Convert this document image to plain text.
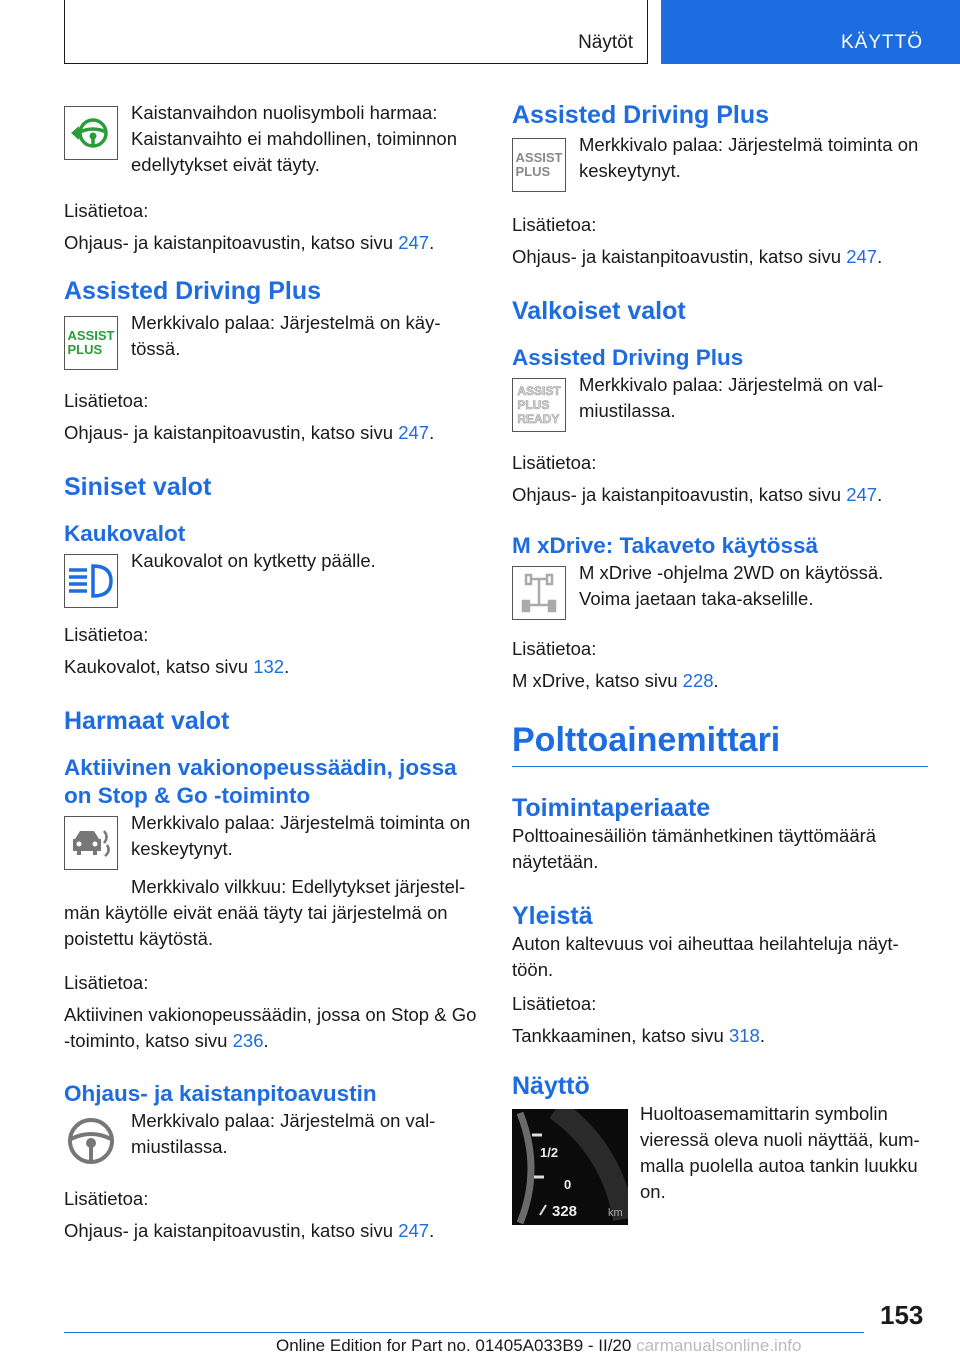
Näytöt	KÄYTTÖ

Kaistanvaihdon nuolisymboli harmaa: Kaistanvaihto ei mahdollinen, toiminnon edellytykset eivät täyty.

Lisätietoa:

Ohjaus- ja kaistanpitoavustin, katso sivu 247.

Assisted Driving Plus
ASSIST
PLUS

Merkkivalo palaa: Järjestelmä on käy-tössä.

Lisätietoa:

Ohjaus- ja kaistanpitoavustin, katso sivu 247.

Siniset valot
Kaukovalot

Kaukovalot on kytketty päälle.

Lisätietoa:

Kaukovalot, katso sivu 132.

Harmaat valot
Aktiivinen vakionopeussäädin, jossa on Stop & Go -toiminto

Merkkivalo palaa: Järjestelmä toiminta on keskeytynyt.

Merkkivalo vilkkuu: Edellytykset järjestel-män käytölle eivät enää täyty tai järjestelmä on poistettu käytöstä.

Lisätietoa:

Aktiivinen vakionopeussäädin, jossa on Stop & Go -toiminto, katso sivu 236.

Ohjaus- ja kaistanpitoavustin

Merkkivalo palaa: Järjestelmä on val-miustilassa.

Lisätietoa:

Ohjaus- ja kaistanpitoavustin, katso sivu 247.

Assisted Driving Plus
ASSIST
PLUS

Merkkivalo palaa: Järjestelmä toiminta on keskeytynyt.

Lisätietoa:

Ohjaus- ja kaistanpitoavustin, katso sivu 247.

Valkoiset valot
Assisted Driving Plus
ASSIST
PLUS
READY

Merkkivalo palaa: Järjestelmä on val-miustilassa.

Lisätietoa:

Ohjaus- ja kaistanpitoavustin, katso sivu 247.

M xDrive: Takaveto käytössä

M xDrive -ohjelma 2WD on käytössä. Voima jaetaan taka-akselille.

Lisätietoa:

M xDrive, katso sivu 228.

Polttoainemittari
Toimintaperiaate

Polttoainesäiliön tämänhetkinen täyttömäärä näytetään.

Yleistä

Auton kaltevuus voi aiheuttaa heilahteluja näyt-töön.

Lisätietoa:

Tankkaaminen, katso sivu 318.

Näyttö
1/2
0
328	km

Huoltoasemamittarin symbolin vieressä oleva nuoli näyttää, kum-malla puolella autoa tankin luukku on.

153
Online Edition for Part no. 01405A033B9 - II/20 carmanualsonline.info
